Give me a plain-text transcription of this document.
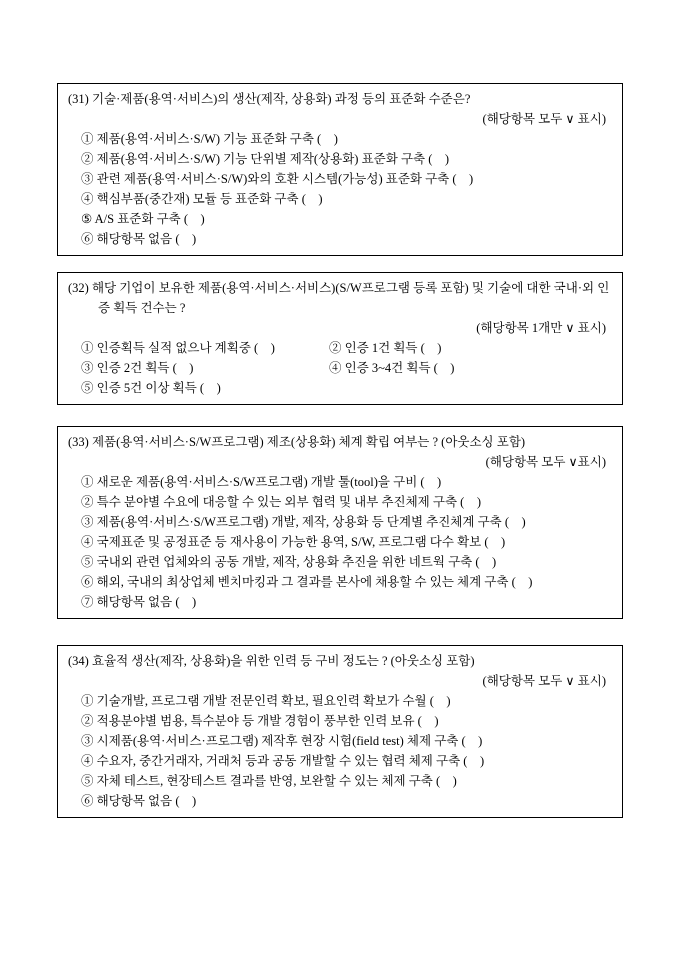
(31) 기술·제품(용역·서비스)의 생산(제작, 상용화) 과정 등의 표준화 수준은?
(해당항목 모두 ∨ 표시)
① 제품(용역·서비스·S/W) 기능 표준화 구축 (    )
② 제품(용역·서비스·S/W) 기능 단위별 제작(상용화) 표준화 구축 (    )
③ 관련 제품(용역·서비스·S/W)와의 호환 시스템(가능성) 표준화 구축 (    )
④ 핵심부품(중간재) 모듈 등 표준화 구축 (    )
⑤ A/S 표준화 구축 (    )
⑥ 해당항목 없음 (    )
(32) 해당 기업이 보유한 제품(용역·서비스·서비스)(S/W프로그램 등록 포함) 및 기술에 대한 국내·외 인증 획득 건수는 ?
(해당항목 1개만 ∨ 표시)
① 인증획득 실적 없으나 계획중 (    )	② 인증 1건 획득 (    )
③ 인증 2건 획득 (    )	④ 인증 3~4건 획득 (    )
⑤ 인증 5건 이상 획득 (    )
(33) 제품(용역·서비스·S/W프로그램) 제조(상용화) 체계 확립 여부는 ? (아웃소싱 포함)
(해당항목 모두 ∨표시)
① 새로운 제품(용역·서비스·S/W프로그램) 개발 툴(tool)을 구비 (    )
② 특수 분야별 수요에 대응할 수 있는 외부 협력 및 내부 추진체제 구축 (    )
③ 제품(용역·서비스·S/W프로그램) 개발, 제작, 상용화 등 단계별 추진체계 구축 (    )
④ 국제표준 및 공정표준 등 재사용이 가능한 용역, S/W, 프로그램 다수 확보 (    )
⑤ 국내외 관련 업체와의 공동 개발, 제작, 상용화 추진을 위한 네트웍 구축 (    )
⑥ 해외, 국내의 최상업체 벤치마킹과 그 결과를 본사에 채용할 수 있는 체계 구축 (    )
⑦ 해당항목 없음 (    )
(34) 효율적 생산(제작, 상용화)을 위한 인력 등 구비 정도는 ? (아웃소싱 포함)
(해당항목 모두 ∨ 표시)
① 기술개발, 프로그램 개발 전문인력 확보, 필요인력 확보가 수월 (    )
② 적용분야별 범용, 특수분야 등 개발 경험이 풍부한 인력 보유 (    )
③ 시제품(용역·서비스·프로그램) 제작후 현장 시험(field test) 체제 구축 (    )
④ 수요자, 중간거래자, 거래처 등과 공동 개발할 수 있는 협력 체제 구축 (    )
⑤ 자체 테스트, 현장테스트 결과를 반영, 보완할 수 있는 체제 구축 (    )
⑥ 해당항목 없음 (    )
